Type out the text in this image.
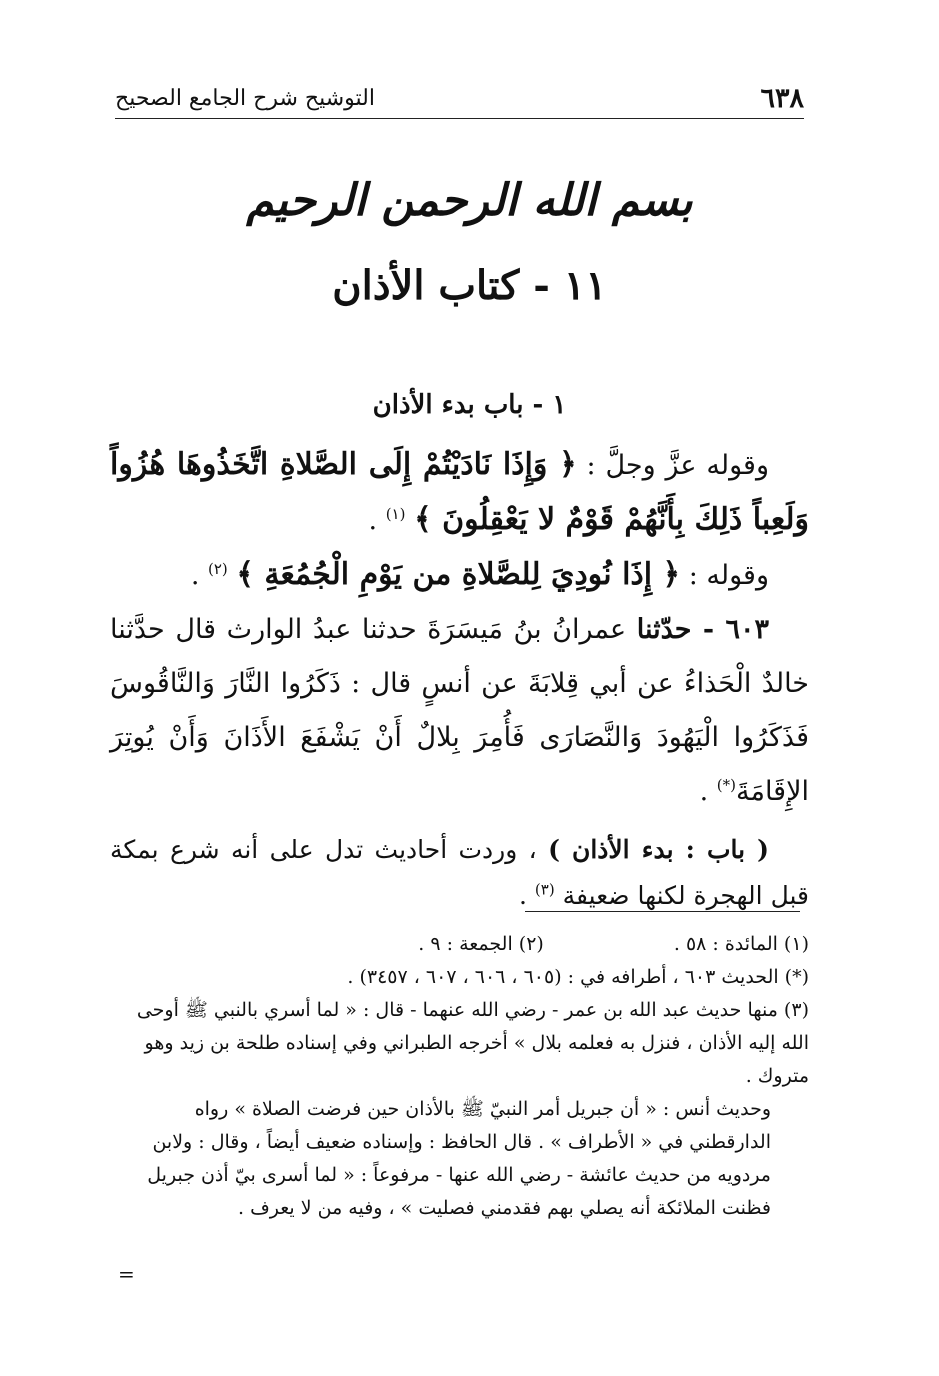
٦٣٨
التوشيح شرح الجامع الصحيح
بسم الله الرحمن الرحيم
١١ - كتاب الأذان
١ - باب بدء الأذان

وقوله عزَّ وجلَّ : ﴿ وَإِذَا نَادَيْتُمْ إِلَى الصَّلاةِ اتَّخَذُوهَا هُزُواً وَلَعِباً ذَلِكَ بِأَنَّهُمْ قَوْمٌ لا يَعْقِلُونَ ﴾ $^{(١)}$ .

وقوله : ﴿ إِذَا نُودِيَ لِلصَّلاةِ من يَوْمِ الْجُمُعَةِ ﴾ $^{(٢)}$ .

٦٠٣ - حدّثنا عمرانُ بنُ مَيسَرَةَ حدثنا عبدُ الوارث قال حدَّثنا خالدٌ الْحَذاءُ عن أبي قِلابَةَ عن أنسٍ قال : ذَكَرُوا النَّارَ وَالنَّاقُوسَ فَذَكَرُوا الْيَهُودَ وَالنَّصَارَى فَأُمِرَ بِلالٌ أَنْ يَشْفَعَ الأَذَانَ وَأَنْ يُوتِرَ الإِقَامَةَ(*) .

( باب : بدء الأذان ) ، وردت أحاديث تدل على أنه شرع بمكة قبل الهجرة لكنها ضعيفة $^{(٣)}$ .

(١) المائدة : ٥٨ .
(٢) الجمعة : ٩ .

(*) الحديث ٦٠٣ ، أطرافه في : (٦٠٥ ، ٦٠٦ ، ٦٠٧ ، ٣٤٥٧) .

(٣) منها حديث عبد الله بن عمر - رضي الله عنهما - قال : « لما أسري بالنبي ﷺ أوحى الله إليه الأذان ، فنزل به فعلمه بلال » أخرجه الطبراني وفي إسناده طلحة بن زيد وهو متروك .

وحديث أنس : « أن جبريل أمر النبيّ ﷺ بالأذان حين فرضت الصلاة » رواه الدارقطني في « الأطراف » . قال الحافظ : وإسناده ضعيف أيضاً ، وقال : ولابن مردويه من حديث عائشة - رضي الله عنها - مرفوعاً : « لما أسرى بيّ أذن جبريل فظنت الملائكة أنه يصلي بهم فقدمني فصليت » ، وفيه من لا يعرف .

=
